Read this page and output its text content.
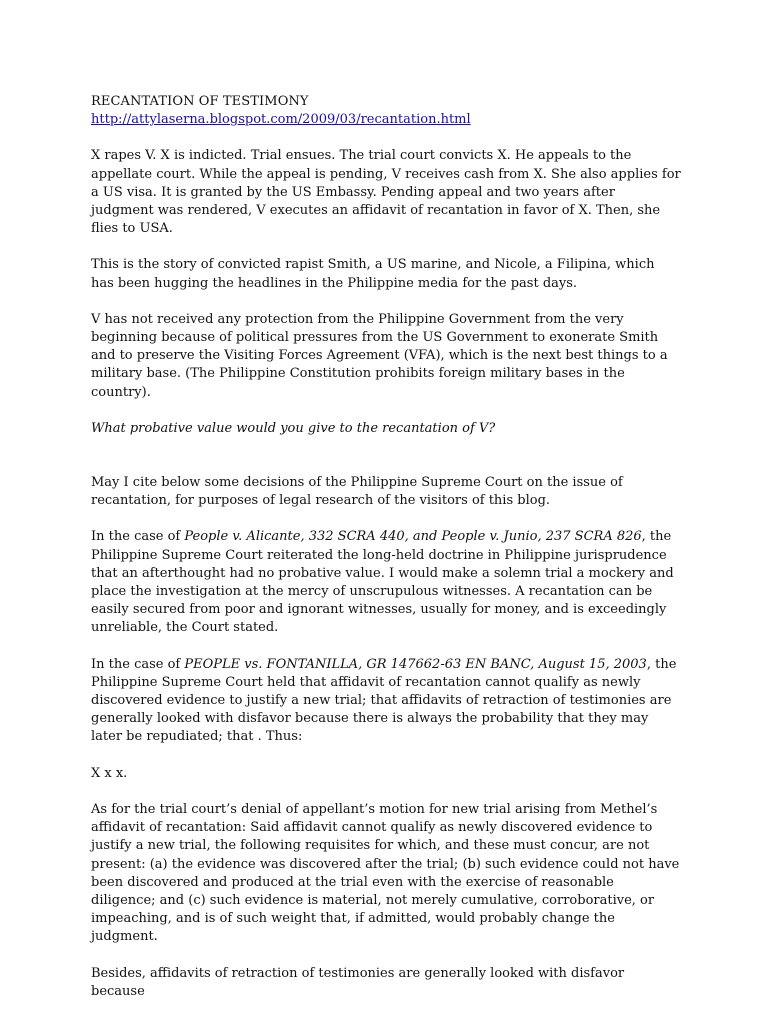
RECANTATION OF TESTIMONY

http://attylaserna.blogspot.com/2009/03/recantation.html

X rapes V. X is indicted. Trial ensues. The trial court convicts X. He appeals to the appellate court. While the appeal is pending, V receives cash from X. She also applies for a US visa. It is granted by the US Embassy. Pending appeal and two years after judgment was rendered, V executes an affidavit of recantation in favor of X. Then, she flies to USA.

This is the story of convicted rapist Smith, a US marine, and Nicole, a Filipina, which has been hugging the headlines in the Philippine media for the past days.

V has not received any protection from the Philippine Government from the very beginning because of political pressures from the US Government to exonerate Smith and to preserve the Visiting Forces Agreement (VFA), which is the next best things to a military base. (The Philippine Constitution prohibits foreign military bases in the country).

What probative value would you give to the recantation of V?

May I cite below some decisions of the Philippine Supreme Court on the issue of recantation, for purposes of legal research of the visitors of this blog.

In the case of People v. Alicante, 332 SCRA 440, and People v. Junio, 237 SCRA 826, the Philippine Supreme Court reiterated the long-held doctrine in Philippine jurisprudence that an afterthought had no probative value. I would make a solemn trial a mockery and place the investigation at the mercy of unscrupulous witnesses. A recantation can be easily secured from poor and ignorant witnesses, usually for money, and is exceedingly unreliable, the Court stated.

In the case of PEOPLE vs. FONTANILLA, GR 147662-63 EN BANC, August 15, 2003, the Philippine Supreme Court held that affidavit of recantation cannot qualify as newly discovered evidence to justify a new trial; that affidavits of retraction of testimonies are generally looked with disfavor because there is always the probability that they may later be repudiated; that . Thus:

X x x.

As for the trial court’s denial of appellant’s motion for new trial arising from Methel’s affidavit of recantation: Said affidavit cannot qualify as newly discovered evidence to justify a new trial, the following requisites for which, and these must concur, are not present: (a) the evidence was discovered after the trial; (b) such evidence could not have been discovered and produced at the trial even with the exercise of reasonable diligence; and (c) such evidence is material, not merely cumulative, corroborative, or impeaching, and is of such weight that, if admitted, would probably change the judgment.

Besides, affidavits of retraction of testimonies are generally looked with disfavor because
